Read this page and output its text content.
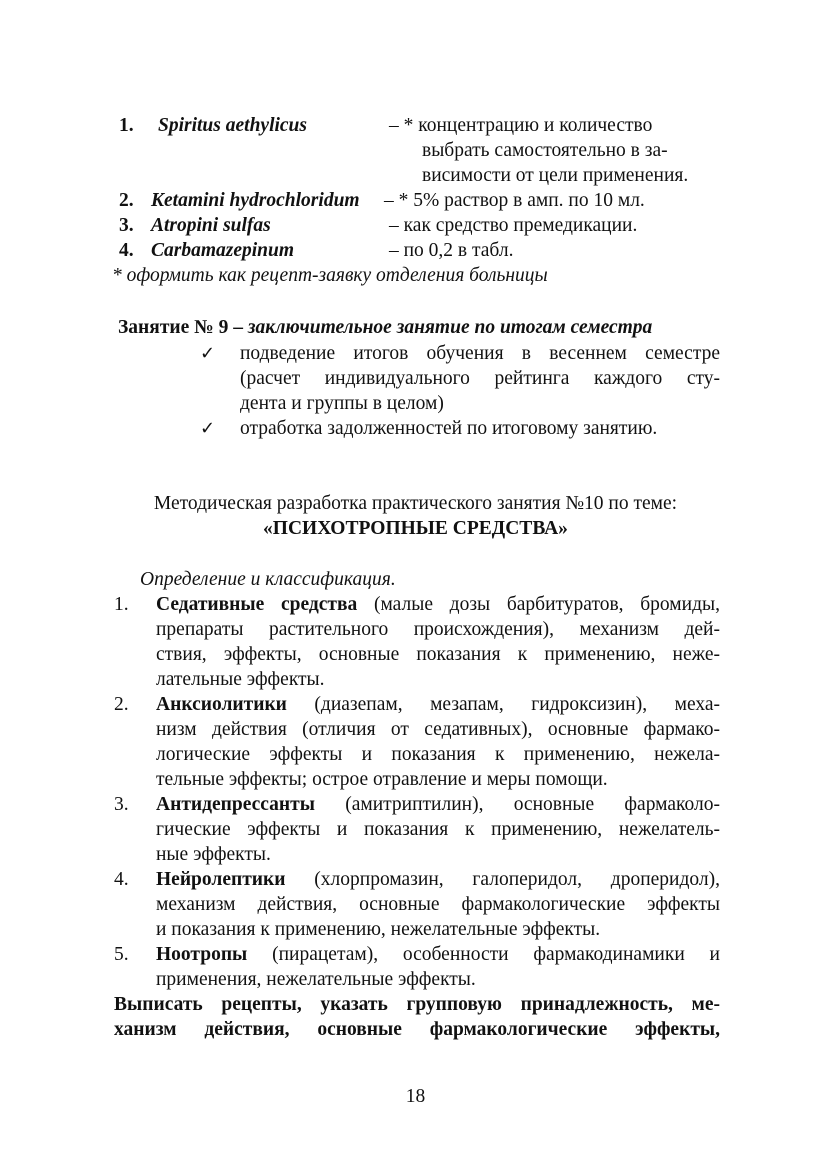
1. Spiritus aethylicus	– * концентрацию и количество
выбрать самостоятельно в за-
висимости от цели применения.
2. Ketamini hydrochloridum – * 5% раствор в амп. по 10 мл.
3. Atropini sulfas	– как средство премедикации.
4. Carbamazepinum	– по 0,2 в табл.
* оформить как рецепт-заявку отделения больницы
Занятие № 9 – заключительное занятие по итогам семестра
✓ подведение итогов обучения в весеннем семестре
(расчет индивидуального рейтинга каждого сту-
дента и группы в целом)
✓ отработка задолженностей по итоговому занятию.
Методическая разработка практического занятия №10 по теме:
«ПСИХОТРОПНЫЕ СРЕДСТВА»
Определение и классификация.
1. Седативные средства (малые дозы барбитуратов, бромиды,
препараты растительного происхождения), механизм дей-
ствия, эффекты, основные показания к применению, неже-
лательные эффекты.
2. Анксиолитики (диазепам, мезапам, гидроксизин), меха-
низм действия (отличия от седативных), основные фармако-
логические эффекты и показания к применению, нежела-
тельные эффекты; острое отравление и меры помощи.
3. Антидепрессанты (амитриптилин), основные фармаколо-
гические эффекты и показания к применению, нежелатель-
ные эффекты.
4. Нейролептики (хлорпромазин, галоперидол, дроперидол),
механизм действия, основные фармакологические эффекты
и показания к применению, нежелательные эффекты.
5. Ноотропы (пирацетам), особенности фармакодинамики и
применения, нежелательные эффекты.
Выписать рецепты, указать групповую принадлежность, ме-
ханизм действия, основные фармакологические эффекты,
18
